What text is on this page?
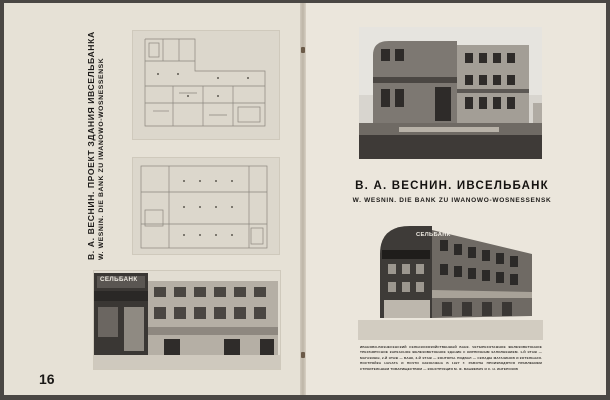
В. А. ВЕСНИН. ПРОЕКТ ЗДАНИЯ ИВСЕЛЬБАНКА W. WESNIN. DIE BANK ZU IWANOWO-WOSNESSENSK
СЕЛЬБАНК
16
В. А. ВЕСНИН. ИВСЕЛЬБАНК
W. WESNIN. DIE BANK ZU IWANOWO-WOSNESSENSK
СЕЛЬБАНК
ИВАНОВО-ВОЗНЕСЕНСКИЙ СЕЛЬСКОХОЗЯЙСТВЕННЫЙ БАНК. ЧЕТЫРЕХЭТАЖНОЕ ЖЕЛЕЗОБЕТОННОЕ ТРЕХЪЯРУСНОЕ КАРКАСНОЕ ЖЕЛЕЗОБЕТОННОЕ ЗДАНИЕ С КИРПИЧНЫМ ЗАПОЛНЕНИЕМ. 1-Й ЭТАЖ — МАГАЗИНЫ, 2-Й ЭТАЖ — БАНК, 3-Й ЭТАЖ — КОНТОРЫ. ПОДВАЛ — СКЛАДЫ МАГАЗИНОВ И КОТЕЛЬНАЯ. ПОСТРОЙКА НАЧАТА И ПОЧТИ ЗАКОНЧЕНА В 1927 Г. РАБОТЫ ПРОИЗВОДЯТСЯ ПРАВЛЕНИЕМ СТРОИТЕЛЬНЫМ ТОВАРИЩЕСТВОМ — КОНСТРУКЦИЯ М. Ф. ВАШКЕВИЧ И С. Н. ИНГЕРОЗОВ
